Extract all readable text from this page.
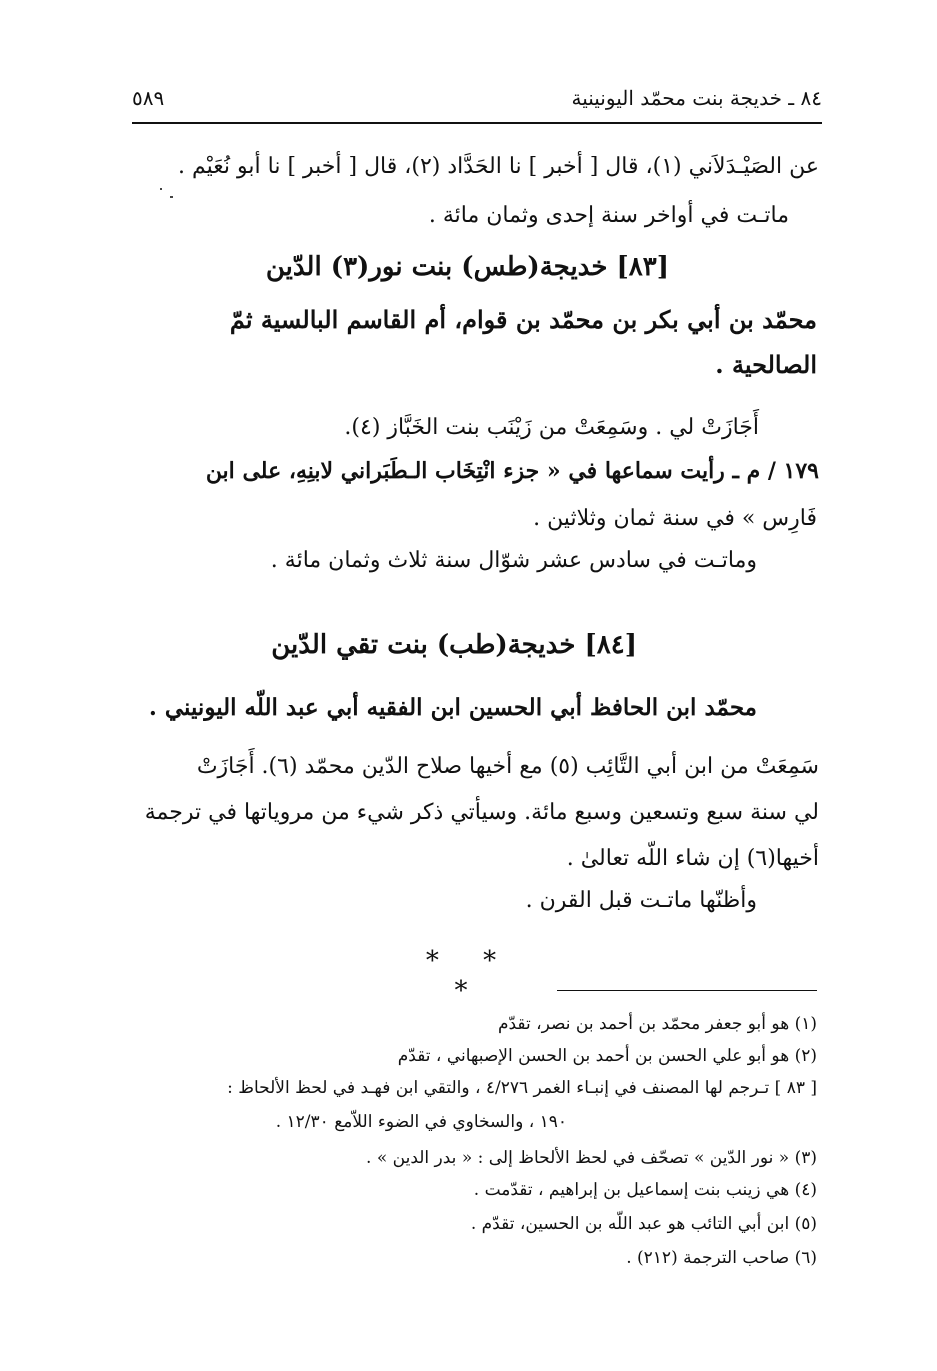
٨٤ ـ خديجة بنت محمّد اليونينية
٥٨٩
عن الصَيْـدَلاَني (١)، قال [ أخبر ] نا الحَدَّاد (٢)، قال [ أخبر ] نا أبو نُعَيْم .
ماتـت في أواخر سنة إحدى وثمان مائة .
[٨٣] خديجة(طس) بنت نور(٣) الدّين
محمّد بن أبي بكر بن محمّد بن قوام، أم القاسم البالسية ثمّ
الصالحية .
أَجَازَتْ لي . وسَمِعَتْ من زَيْنَب بنت الخَبَّاز (٤).
١٧٩ / م ـ رأيت سماعها في « جزء انْتِخَاب الـطَبَراني لابنِهِ، على ابن
فَارِس » في سنة ثمان وثلاثين .
وماتـت في سادس عشر شوّال سنة ثلاث وثمان مائة .
[٨٤] خديجة(طب) بنت تقي الدّين
محمّد ابن الحافظ أبي الحسين ابن الفقيه أبي عبد اللّه اليونيني .
سَمِعَتْ من ابن أبي التَّائِب (٥) مع أخيها صلاح الدّين محمّد (٦). أَجَازَتْ
لي سنة سبع وتسعين وسبع مائة. وسيأتي ذكر شيء من مروياتها في ترجمة
أخيها(٦) إن شاء اللّه تعالىٰ .
وأظنّها ماتـت قبل القرن .
* * *
(١) هو أبو جعفر محمّد بن أحمد بن نصر، تقدّم
(٢) هو أبو علي الحسن بن أحمد بن الحسن الإصبهاني ، تقدّم
[ ٨٣ ] تـرجم لها المصنف في إنبـاء الغمر ٤/٢٧٦ ، والتقي ابن فهـد في لحظ الألحاظ :
١٩٠ ، والسخاوي في الضوء اللاّمع ١٢/٣٠ .
(٣) « نور الدّين » تصحّف في لحظ الألحاظ إلى : « بدر الدين » .
(٤) هي زينب بنت إسماعيل بن إبراهيم ، تقدّمت .
(٥) ابن أبي التائب هو عبد اللّه بن الحسين، تقدّم .
(٦) صاحب الترجمة (٢١٢) .
